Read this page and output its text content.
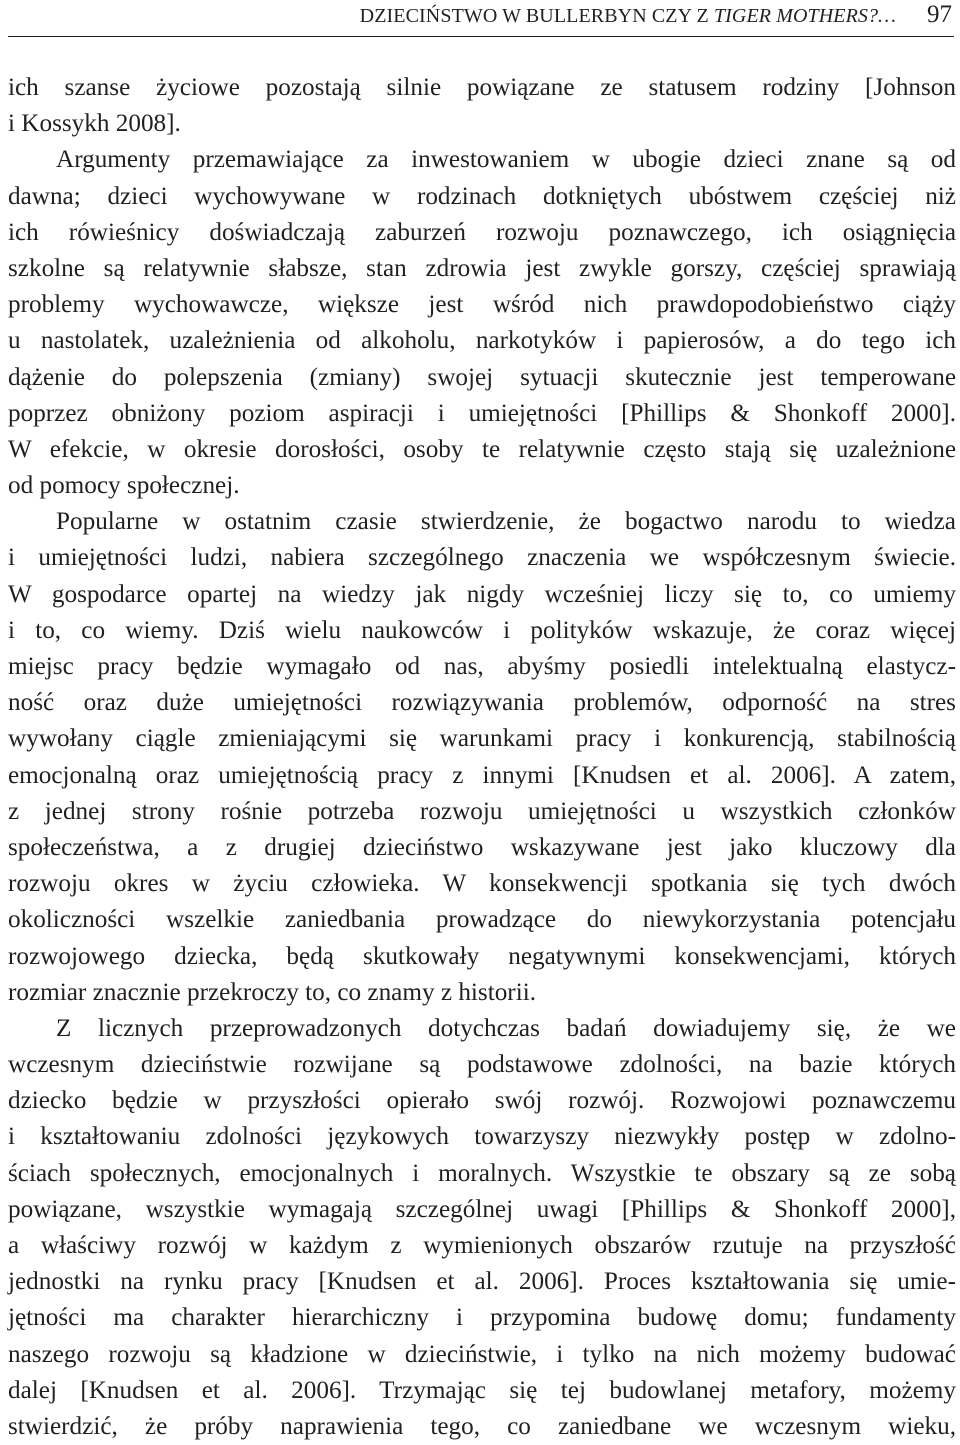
DZIECIŃSTWO W BULLERBYN CZY Z TIGER MOTHERS?… 97
ich szanse życiowe pozostają silnie powiązane ze statusem rodziny [Johnson
i Kossykh 2008].
Argumenty przemawiające za inwestowaniem w ubogie dzieci znane są od
dawna; dzieci wychowywane w rodzinach dotkniętych ubóstwem częściej niż
ich rówieśnicy doświadczają zaburzeń rozwoju poznawczego, ich osiągnięcia
szkolne są relatywnie słabsze, stan zdrowia jest zwykle gorszy, częściej sprawiają
problemy wychowawcze, większe jest wśród nich prawdopodobieństwo ciąży
u nastolatek, uzależnienia od alkoholu, narkotyków i papierosów, a do tego ich
dążenie do polepszenia (zmiany) swojej sytuacji skutecznie jest temperowane
poprzez obniżony poziom aspiracji i umiejętności [Phillips & Shonkoff 2000].
W efekcie, w okresie dorosłości, osoby te relatywnie często stają się uzależnione
od pomocy społecznej.
Popularne w ostatnim czasie stwierdzenie, że bogactwo narodu to wiedza
i umiejętności ludzi, nabiera szczególnego znaczenia we współczesnym świecie.
W gospodarce opartej na wiedzy jak nigdy wcześniej liczy się to, co umiemy
i to, co wiemy. Dziś wielu naukowców i polityków wskazuje, że coraz więcej
miejsc pracy będzie wymagało od nas, abyśmy posiedli intelektualną elastycz-
ność oraz duże umiejętności rozwiązywania problemów, odporność na stres
wywołany ciągle zmieniającymi się warunkami pracy i konkurencją, stabilnością
emocjonalną oraz umiejętnością pracy z innymi [Knudsen et al. 2006]. A zatem,
z jednej strony rośnie potrzeba rozwoju umiejętności u wszystkich członków
społeczeństwa, a z drugiej dzieciństwo wskazywane jest jako kluczowy dla
rozwoju okres w życiu człowieka. W konsekwencji spotkania się tych dwóch
okoliczności wszelkie zaniedbania prowadzące do niewykorzystania potencjału
rozwojowego dziecka, będą skutkowały negatywnymi konsekwencjami, których
rozmiar znacznie przekroczy to, co znamy z historii.
Z licznych przeprowadzonych dotychczas badań dowiadujemy się, że we
wczesnym dzieciństwie rozwijane są podstawowe zdolności, na bazie których
dziecko będzie w przyszłości opierało swój rozwój. Rozwojowi poznawczemu
i kształtowaniu zdolności językowych towarzyszy niezwykły postęp w zdolno-
ściach społecznych, emocjonalnych i moralnych. Wszystkie te obszary są ze sobą
powiązane, wszystkie wymagają szczególnej uwagi [Phillips & Shonkoff 2000],
a właściwy rozwój w każdym z wymienionych obszarów rzutuje na przyszłość
jednostki na rynku pracy [Knudsen et al. 2006]. Proces kształtowania się umie-
jętności ma charakter hierarchiczny i przypomina budowę domu; fundamenty
naszego rozwoju są kładzione w dzieciństwie, i tylko na nich możemy budować
dalej [Knudsen et al. 2006]. Trzymając się tej budowlanej metafory, możemy
stwierdzić, że próby naprawienia tego, co zaniedbane we wczesnym wieku,
